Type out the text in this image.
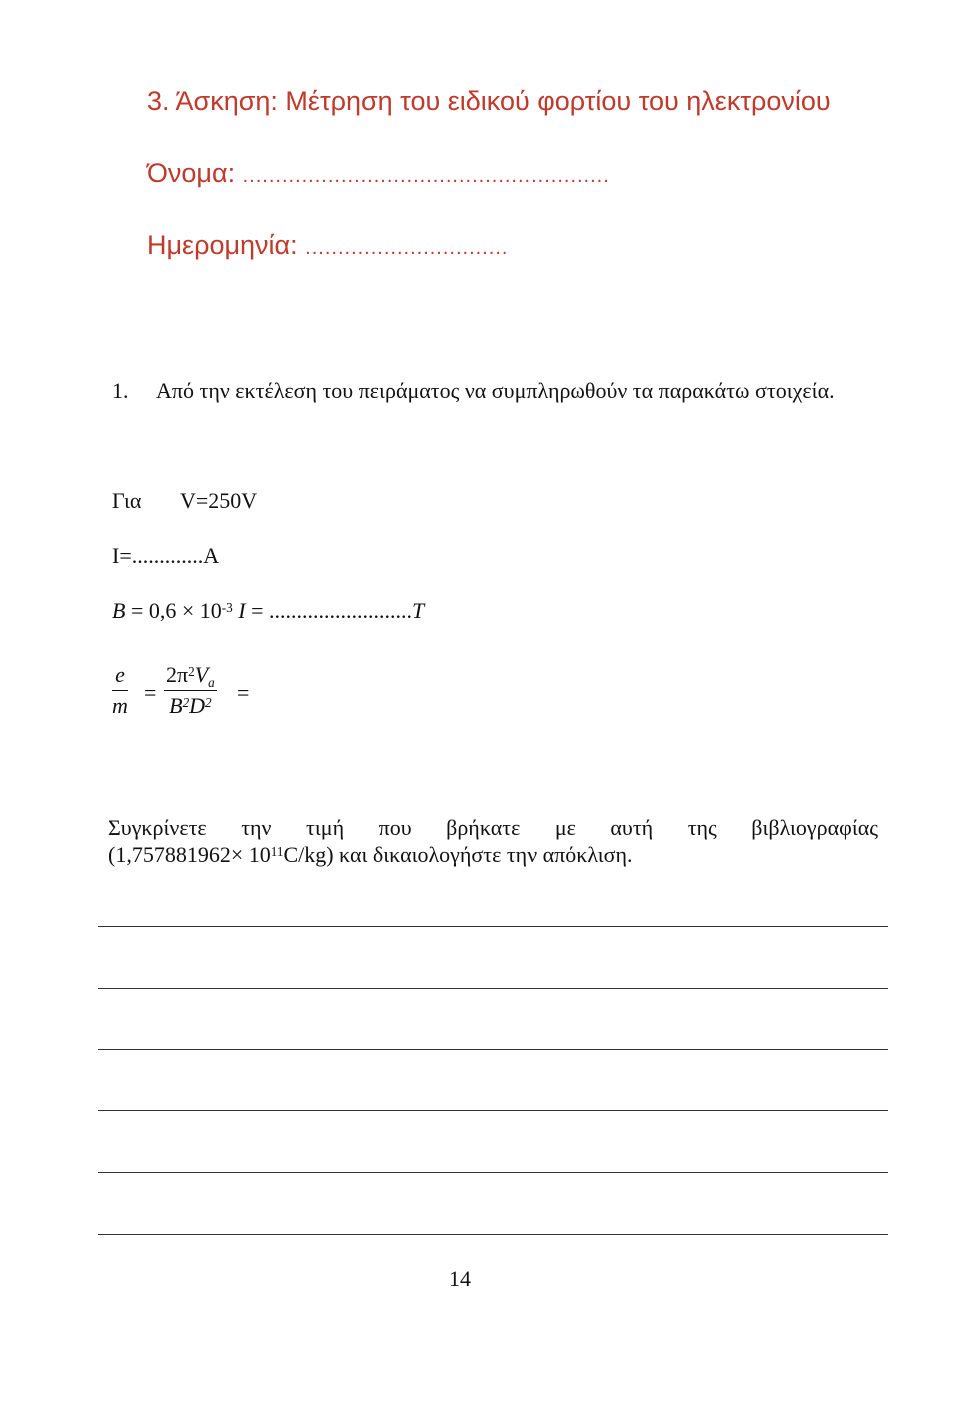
3. Άσκηση: Μέτρηση του ειδικού φορτίου του ηλεκτρονίου
Όνομα: ........................................................
Ημερομηνία: ...............................
1. Από την εκτέλεση του πειράματος να συμπληρωθούν τα παρακάτω στοιχεία.
Για V=250V
I=.............A
$B = 0,6 \times 10^{-3}$ I = ..........................T
e
m
=
$2\pi^2V_a$
$B^2D^2$ =
Συγκρίνετε την τιμή που βρήκατε με αυτή της βιβλιογραφίας
$(1,757881962\times 10^{11}C/kg)$ και δικαιολογήστε την απόκλιση.
14
